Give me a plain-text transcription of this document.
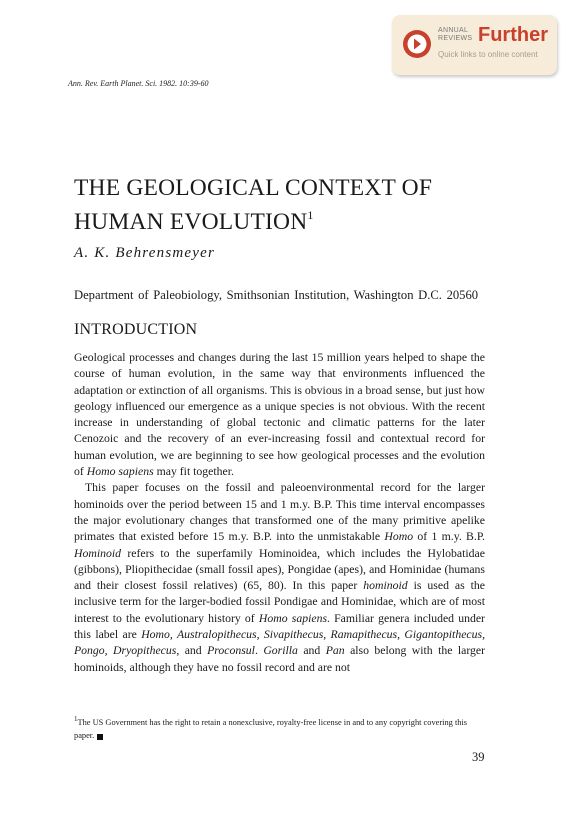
ANNUAL
REVIEWS Further
Quick links to online content
Ann. Rev. Earth Planet. Sci. 1982. 10:39-60
THE GEOLOGICAL CONTEXT OF
HUMAN EVOLUTION$^1$
A. K. Behrensmeyer
Department of Paleobiology, Smithsonian Institution, Washington D.C. 20560
INTRODUCTION

Geological processes and changes during the last 15 million years helped to shape the course of human evolution, in the same way that environments influenced the adaptation or extinction of all organisms. This is obvious in a broad sense, but just how geology influenced our emergence as a unique species is not obvious. With the recent increase in understanding of global tectonic and climatic patterns for the later Cenozoic and the recovery of an ever-increasing fossil and contextual record for human evolution, we are beginning to see how geological processes and the evolution of Homo sapiens may fit together.

This paper focuses on the fossil and paleoenvironmental record for the larger hominoids over the period between 15 and 1 m.y. B.P. This time interval encompasses the major evolutionary changes that transformed one of the many primitive apelike primates that existed before 15 m.y. B.P. into the unmistakable Homo of 1 m.y. B.P. Hominoid refers to the superfamily Hominoidea, which includes the Hylobatidae (gibbons), Pliopithecidae (small fossil apes), Pongidae (apes), and Hominidae (humans and their closest fossil relatives) (65, 80). In this paper hominoid is used as the inclusive term for the larger-bodied fossil Pondigae and Hominidae, which are of most interest to the evolutionary history of Homo sapiens. Familiar genera included under this label are Homo, Australopithecus, Sivapithecus, Ramapithecus, Gigantopithecus, Pongo, Dryopithecus, and Proconsul. Gorilla and Pan also belong with the larger hominoids, although they have no fossil record and are not

$^1$The US Government has the right to retain a nonexclusive, royalty-free license in and to any copyright covering this paper.
39
